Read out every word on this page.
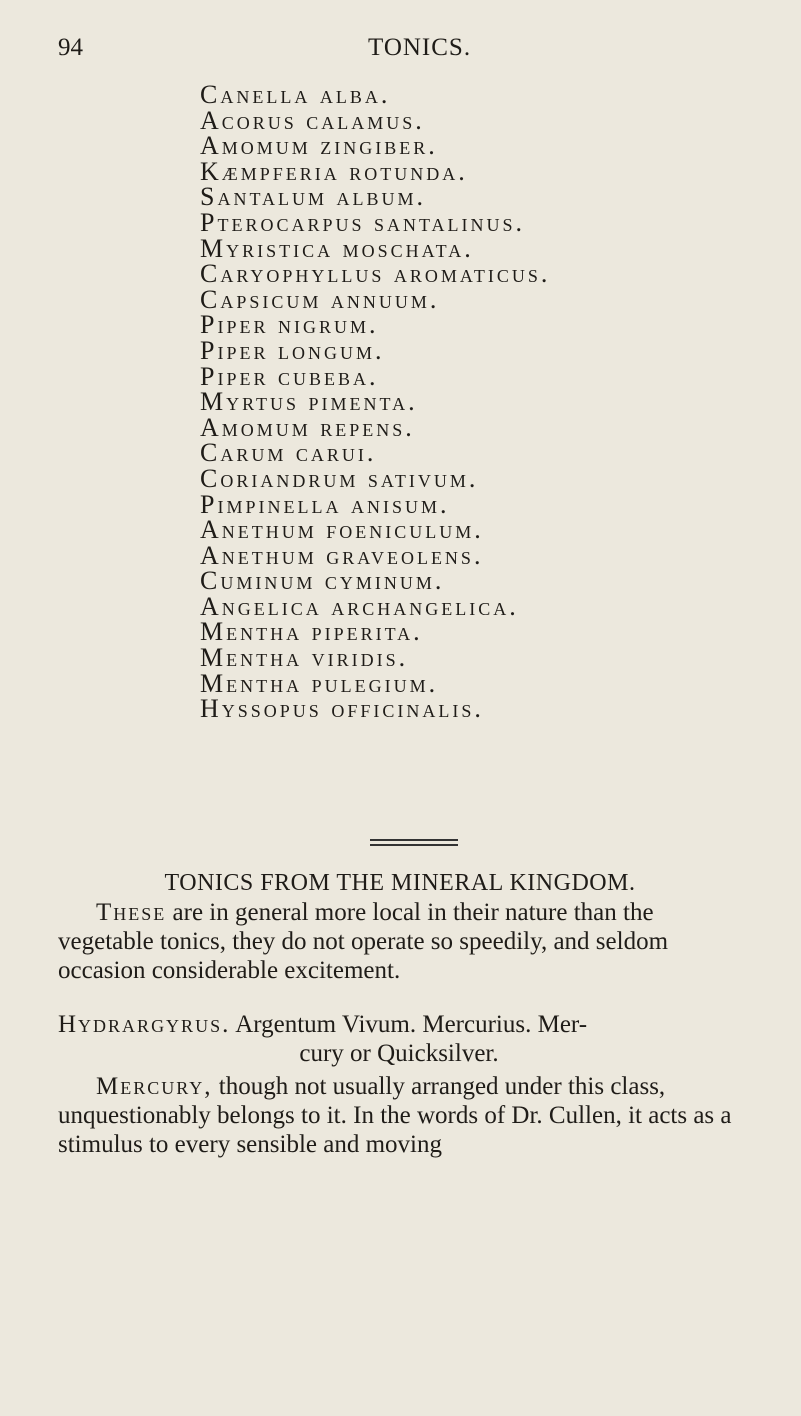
94	TONICS.
Canella alba.
Acorus calamus.
Amomum zingiber.
Kæmpferia rotunda.
Santalum album.
Pterocarpus santalinus.
Myristica moschata.
Caryophyllus aromaticus.
Capsicum annuum.
Piper nigrum.
Piper longum.
Piper cubeba.
Myrtus pimenta.
Amomum repens.
Carum carui.
Coriandrum sativum.
Pimpinella anisum.
Anethum foeniculum.
Anethum graveolens.
Cuminum cyminum.
Angelica archangelica.
Mentha piperita.
Mentha viridis.
Mentha pulegium.
Hyssopus officinalis.
TONICS FROM THE MINERAL KINGDOM.

These are in general more local in their nature than the vegetable tonics, they do not operate so speedily, and seldom occasion considerable excitement.

Hydrargyrus. Argentum Vivum. Mercurius. Mer-
cury or Quicksilver.

Mercury, though not usually arranged under this class, unquestionably belongs to it. In the words of Dr. Cullen, it acts as a stimulus to every sensible and moving
